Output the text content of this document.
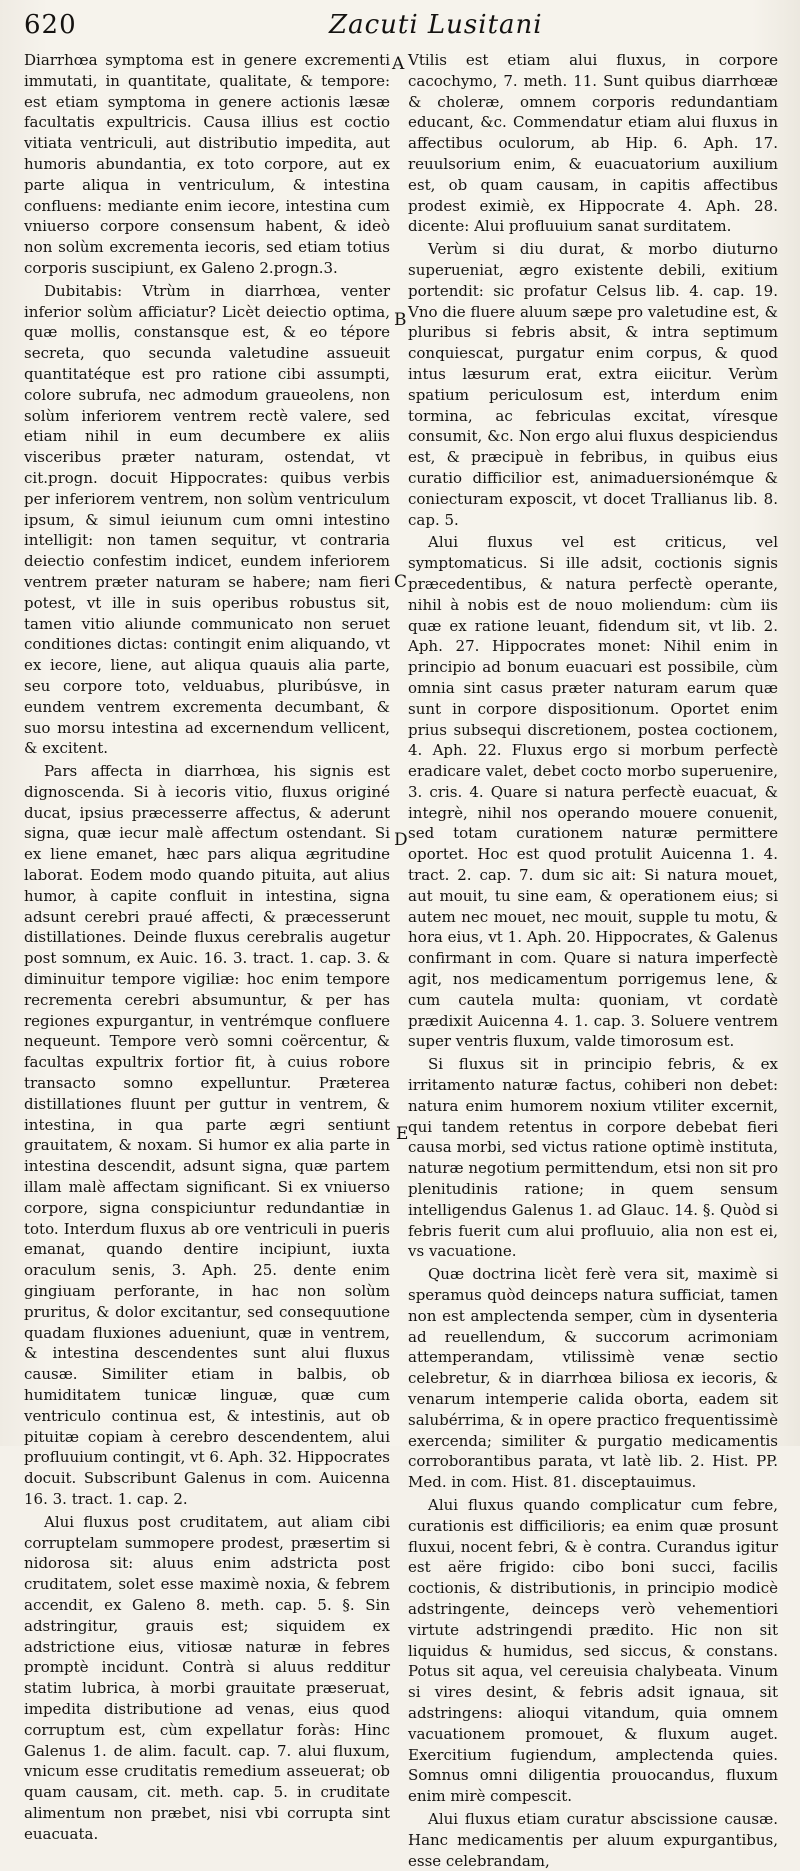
620	Zacuti Lusitani

Diarrhœa symptoma est in genere excrementi immutati, in quantitate, qualitate, & tempore: est etiam symptoma in genere actionis læsæ facultatis expultricis. Causa illius est coctio vitiata ventriculi, aut distributio impedita, aut humoris abundantia, ex toto corpore, aut ex parte aliqua in ventriculum, & intestina confluens: mediante enim iecore, intestina cum vniuerso corpore consensum habent, & ideò non solùm excrementa iecoris, sed etiam totius corporis suscipiunt, ex Galeno 2.progn.3.

Dubitabis: Vtrùm in diarrhœa, venter inferior solùm afficiatur? Licèt deiectio optima, quæ mollis, constansque est, & eo tépore secreta, quo secunda valetudine assueuit quantitatéque est pro ratione cibi assumpti, colore subrufa, nec admodum graueolens, non solùm inferiorem ventrem rectè valere, sed etiam nihil in eum decumbere ex aliis visceribus præter naturam, ostendat, vt cit.progn. docuit Hippocrates: quibus verbis per inferiorem ventrem, non solùm ventriculum ipsum, & simul ieiunum cum omni intestino intelligit: non tamen sequitur, vt contraria deiectio confestim indicet, eundem inferiorem ventrem præter naturam se habere; nam fieri potest, vt ille in suis operibus robustus sit, tamen vitio aliunde communicato non seruet conditiones dictas: contingit enim aliquando, vt ex iecore, liene, aut aliqua quauis alia parte, seu corpore toto, velduabus, pluribúsve, in eundem ventrem excrementa decumbant, & suo morsu intestina ad excernendum vellicent, & excitent.

Pars affecta in diarrhœa, his signis est dignoscenda. Si à iecoris vitio, fluxus originé ducat, ipsius præcesserre affectus, & aderunt signa, quæ iecur malè affectum ostendant. Si ex liene emanet, hæc pars aliqua ægritudine laborat. Eodem modo quando pituita, aut alius humor, à capite confluit in intestina, signa adsunt cerebri praué affecti, & præcesserunt distillationes. Deinde fluxus cerebralis augetur post somnum, ex Auic. 16. 3. tract. 1. cap. 3. & diminuitur tempore vigiliæ: hoc enim tempore recrementa cerebri absumuntur, & per has regiones expurgantur, in ventrémque confluere nequeunt. Tempore verò somni coërcentur, & facultas expultrix fortior fit, à cuius robore transacto somno expelluntur. Præterea distillationes fluunt per guttur in ventrem, & intestina, in qua parte ægri sentiunt grauitatem, & noxam. Si humor ex alia parte in intestina descendit, adsunt signa, quæ partem illam malè affectam significant. Si ex vniuerso corpore, signa conspiciuntur redundantiæ in toto. Interdum fluxus ab ore ventriculi in pueris emanat, quando dentire incipiunt, iuxta oraculum senis, 3. Aph. 25. dente enim gingiuam perforante, in hac non solùm pruritus, & dolor excitantur, sed consequutione quadam fluxiones adueniunt, quæ in ventrem, & intestina descendentes sunt alui fluxus causæ. Similiter etiam in balbis, ob humiditatem tunicæ linguæ, quæ cum ventriculo continua est, & intestinis, aut ob pituitæ copiam à cerebro descendentem, alui profluuium contingit, vt 6. Aph. 32. Hippocrates docuit. Subscribunt Galenus in com. Auicenna 16. 3. tract. 1. cap. 2.

Alui fluxus post cruditatem, aut aliam cibi corruptelam summopere prodest, præsertim si nidorosa sit: aluus enim adstricta post cruditatem, solet esse maximè noxia, & febrem accendit, ex Galeno 8. meth. cap. 5. §. Sin adstringitur, grauis est; siquidem ex adstrictione eius, vitiosæ naturæ in febres promptè incidunt. Contrà si aluus redditur statim lubrica, à morbi grauitate præseruat, impedita distributione ad venas, eius quod corruptum est, cùm expellatur foràs: Hinc Galenus 1. de alim. facult. cap. 7. alui fluxum, vnicum esse cruditatis remedium asseuerat; ob quam causam, cit. meth. cap. 5. in cruditate alimentum non præbet, nisi vbi corrupta sint euacuata.

A
B
C
D
E

Vtilis est etiam alui fluxus, in corpore cacochymo, 7. meth. 11. Sunt quibus diarrhœæ & choleræ, omnem corporis redundantiam educant, &c. Commendatur etiam alui fluxus in affectibus oculorum, ab Hip. 6. Aph. 17. reuulsorium enim, & euacuatorium auxilium est, ob quam causam, in capitis affectibus prodest eximiè, ex Hippocrate 4. Aph. 28. dicente: Alui profluuium sanat surditatem.

Verùm si diu durat, & morbo diuturno superueniat, ægro existente debili, exitium portendit: sic profatur Celsus lib. 4. cap. 19. Vno die fluere aluum sæpe pro valetudine est, & pluribus si febris absit, & intra septimum conquiescat, purgatur enim corpus, & quod intus læsurum erat, extra eiicitur. Verùm spatium periculosum est, interdum enim tormina, ac febriculas excitat, víresque consumit, &c. Non ergo alui fluxus despiciendus est, & præcipuè in febribus, in quibus eius curatio difficilior est, animaduersionémque & coniecturam exposcit, vt docet Trallianus lib. 8. cap. 5.

Alui fluxus vel est criticus, vel symptomaticus. Si ille adsit, coctionis signis præcedentibus, & natura perfectè operante, nihil à nobis est de nouo moliendum: cùm iis quæ ex ratione leuant, fidendum sit, vt lib. 2. Aph. 27. Hippocrates monet: Nihil enim in principio ad bonum euacuari est possibile, cùm omnia sint casus præter naturam earum quæ sunt in corpore dispositionum. Oportet enim prius subsequi discretionem, postea coctionem, 4. Aph. 22. Fluxus ergo si morbum perfectè eradicare valet, debet cocto morbo superuenire, 3. cris. 4. Quare si natura perfectè euacuat, & integrè, nihil nos operando mouere conuenit, sed totam curationem naturæ permittere oportet. Hoc est quod protulit Auicenna 1. 4. tract. 2. cap. 7. dum sic ait: Si natura mouet, aut mouit, tu sine eam, & operationem eius; si autem nec mouet, nec mouit, supple tu motu, & hora eius, vt 1. Aph. 20. Hippocrates, & Galenus confirmant in com. Quare si natura imperfectè agit, nos medicamentum porrigemus lene, & cum cautela multa: quoniam, vt cordatè prædixit Auicenna 4. 1. cap. 3. Soluere ventrem super ventris fluxum, valde timorosum est.

Si fluxus sit in principio febris, & ex irritamento naturæ factus, cohiberi non debet: natura enim humorem noxium vtiliter excernit, qui tandem retentus in corpore debebat fieri causa morbi, sed victus ratione optimè instituta, naturæ negotium permittendum, etsi non sit pro plenitudinis ratione; in quem sensum intelligendus Galenus 1. ad Glauc. 14. §. Quòd si febris fuerit cum alui profluuio, alia non est ei, vs vacuatione.

Quæ doctrina licèt ferè vera sit, maximè si speramus quòd deinceps natura sufficiat, tamen non est amplectenda semper, cùm in dysenteria ad reuellendum, & succorum acrimoniam attemperandam, vtilissimè venæ sectio celebretur, & in diarrhœa biliosa ex iecoris, & venarum intemperie calida oborta, eadem sit salubérrima, & in opere practico frequentissimè exercenda; similiter & purgatio medicamentis corroborantibus parata, vt latè lib. 2. Hist. PP. Med. in com. Hist. 81. disceptauimus.

Alui fluxus quando complicatur cum febre, curationis est difficilioris; ea enim quæ prosunt fluxui, nocent febri, & è contra. Curandus igitur est aëre frigido: cibo boni succi, facilis coctionis, & distributionis, in principio modicè adstringente, deinceps verò vehementiori virtute adstringendi prædito. Hic non sit liquidus & humidus, sed siccus, & constans. Potus sit aqua, vel cereuisia chalybeata. Vinum si vires desint, & febris adsit ignaua, sit adstringens: alioqui vitandum, quia omnem vacuationem promouet, & fluxum auget. Exercitium fugiendum, amplectenda quies. Somnus omni diligentia prouocandus, fluxum enim mirè compescit.

Alui fluxus etiam curatur abscissione causæ. Hanc medicamentis per aluum expurgantibus, esse celebrandam,
